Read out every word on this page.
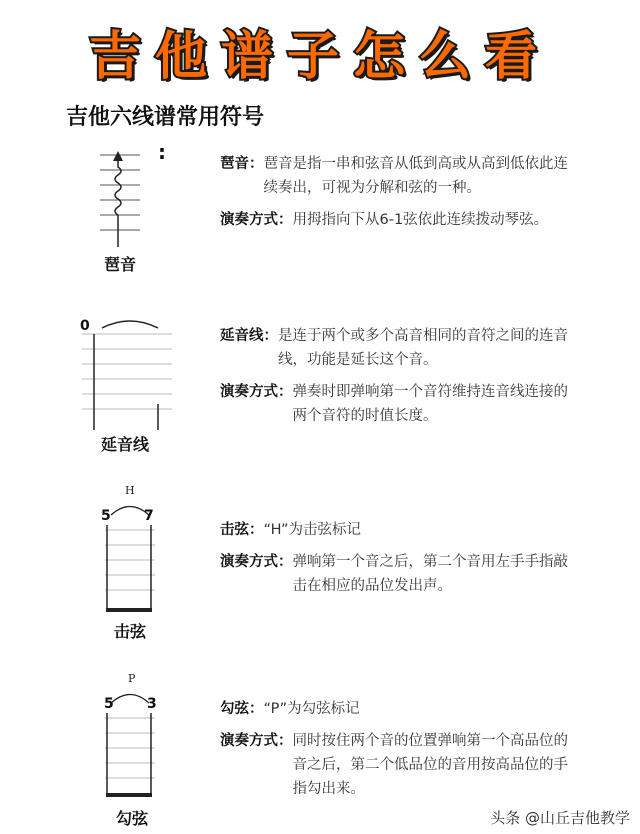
吉他谱子怎么看
吉他六线谱常用符号
:
琶音
琶音： 琶音是指一串和弦音从低到高或从高到低依此连续奏出，可视为分解和弦的一种。
演奏方式： 用拇指向下从6-1弦依此连续拨动琴弦。
0
延音线
延音线： 是连于两个或多个高音相同的音符之间的连音线，功能是延长这个音。
演奏方式： 弹奏时即弹响第一个音符维持连音线连接的两个音符的时值长度。
H
5 7
击弦
击弦： “H”为击弦标记
演奏方式： 弹响第一个音之后，第二个音用左手手指敲击在相应的品位发出声。
P
5 3
勾弦
勾弦： “P”为勾弦标记
演奏方式： 同时按住两个音的位置弹响第一个高品位的音之后，第二个低品位的音用按高品位的手指勾出来。
头条 @山丘吉他教学
